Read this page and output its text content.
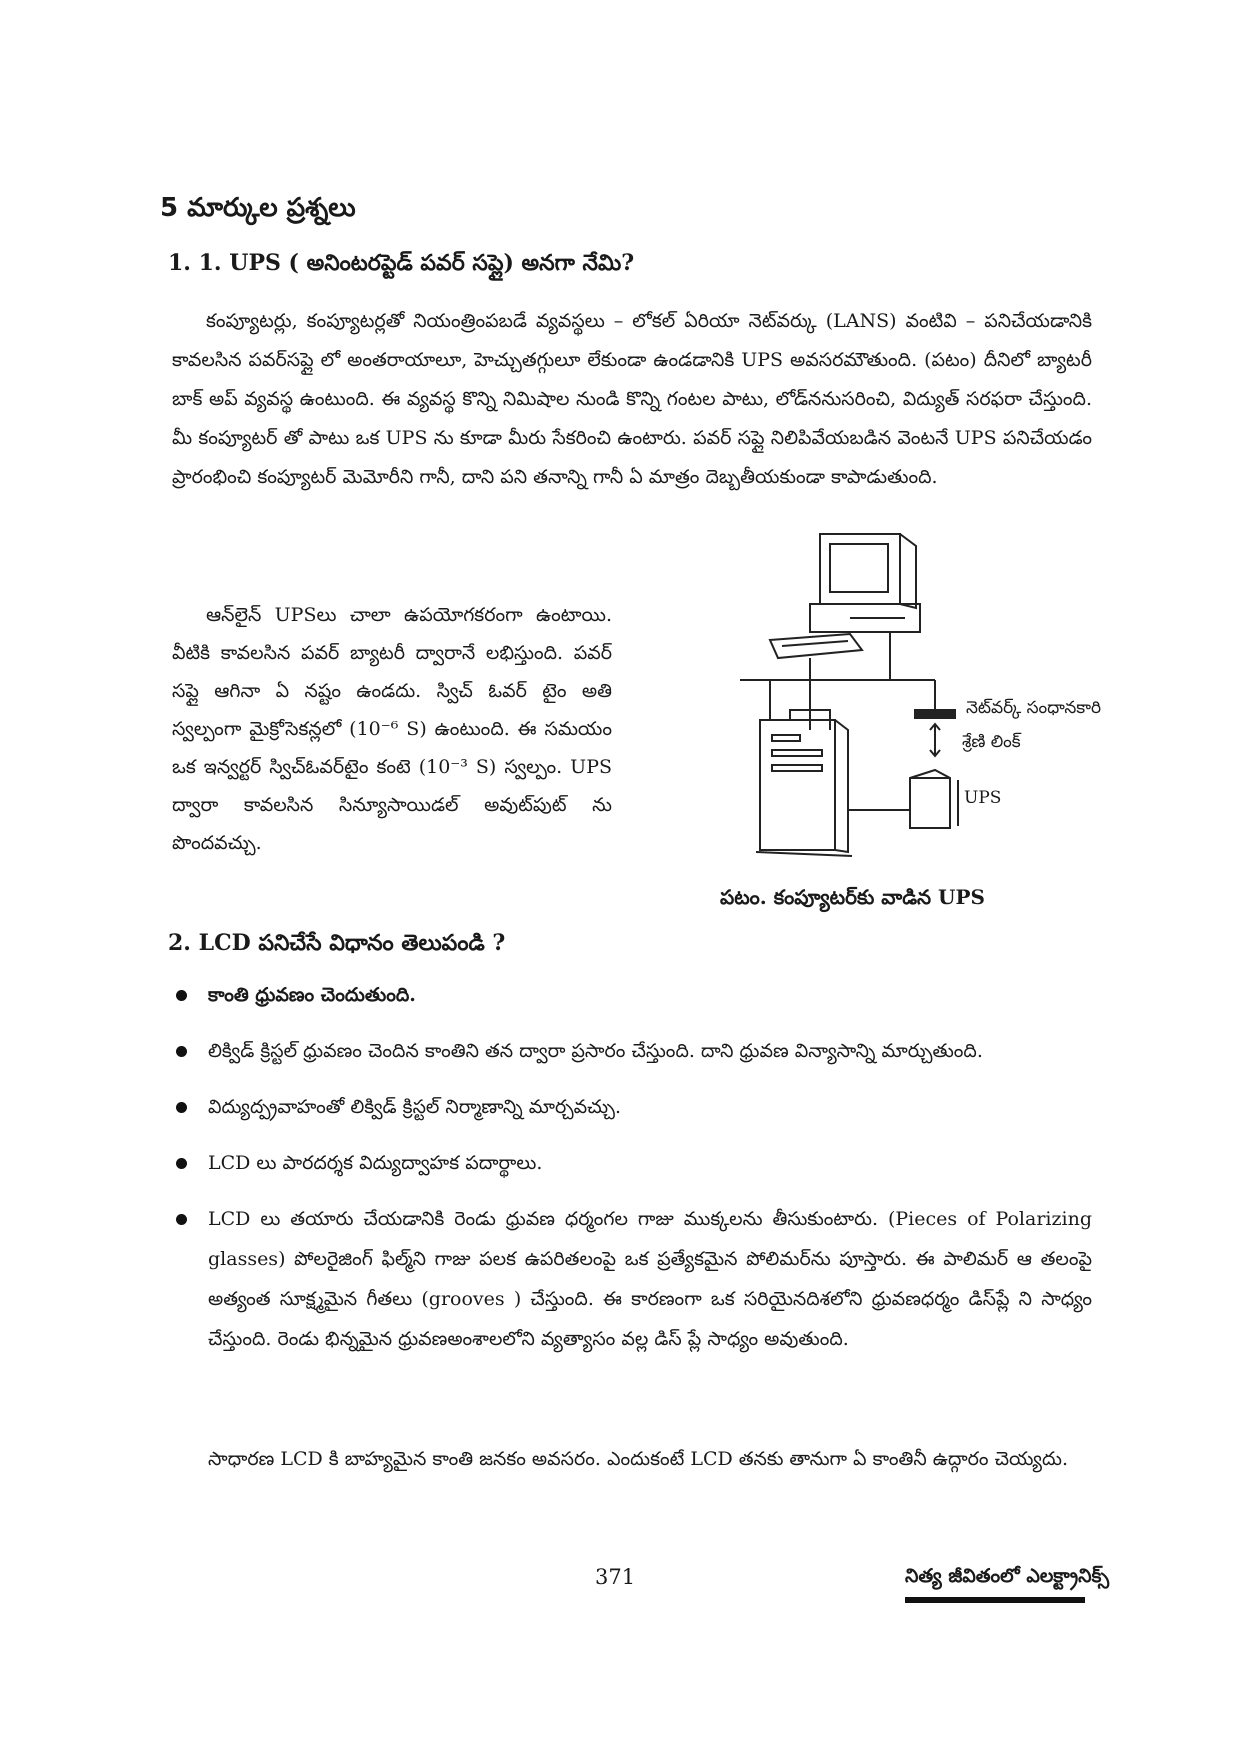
5 మార్కుల ప్రశ్నలు
1. 1. UPS ( అనింటరప్టెడ్ పవర్ సప్లై) అనగా నేమి?

కంప్యూటర్లు, కంప్యూటర్లతో నియంత్రింపబడే వ్యవస్థలు – లోకల్ ఏరియా నెట్‌వర్కు (LANS) వంటివి – పనిచేయడానికి కావలసిన పవర్‌సప్లై లో అంతరాయాలూ, హెచ్చుతగ్గులూ లేకుండా ఉండడానికి UPS అవసరమౌతుంది. (పటం) దీనిలో బ్యాటరీ బాక్ అప్ వ్యవస్థ ఉంటుంది. ఈ వ్యవస్థ కొన్ని నిమిషాల నుండి కొన్ని గంటల పాటు, లోడ్‌ననుసరించి, విద్యుత్ సరఫరా చేస్తుంది. మీ కంప్యూటర్ తో పాటు ఒక UPS ను కూడా మీరు సేకరించి ఉంటారు. పవర్ సప్లై నిలిపివేయబడిన వెంటనే UPS పనిచేయడం ప్రారంభించి కంప్యూటర్ మెమోరీని గానీ, దాని పని తనాన్ని గానీ ఏ మాత్రం దెబ్బతీయకుండా కాపాడుతుంది.

ఆన్‌లైన్ UPSలు చాలా ఉపయోగకరంగా ఉంటాయి. వీటికి కావలసిన పవర్ బ్యాటరీ ద్వారానే లభిస్తుంది. పవర్ సప్లై ఆగినా ఏ నష్టం ఉండదు. స్విచ్ ఓవర్ టైం అతి స్వల్పంగా మైక్రోసెకన్లలో (10⁻⁶ S) ఉంటుంది. ఈ సమయం ఒక ఇన్వర్టర్ స్విచ్‌ఓవర్‌టైం కంటె (10⁻³ S) స్వల్పం. UPS ద్వారా కావలసిన సిన్యూసాయిడల్ అవుట్‌పుట్ ను పొందవచ్చు.

నెట్‌వర్క్ సంధానకారి
శ్రేణి లింక్
UPS
పటం. కంప్యూటర్‌కు వాడిన UPS
2. LCD పనిచేసే విధానం తెలుపండి ?
కాంతి ధ్రువణం చెందుతుంది.
లిక్విడ్ క్రిస్టల్ ధ్రువణం చెందిన కాంతిని తన ద్వారా ప్రసారం చేస్తుంది. దాని ధ్రువణ విన్యాసాన్ని మార్చుతుంది.
విద్యుద్ప్రవాహంతో లిక్విడ్ క్రిస్టల్ నిర్మాణాన్ని మార్చవచ్చు.
LCD లు పారదర్శక విద్యుద్వాహక పదార్థాలు.
LCD లు తయారు చేయడానికి రెండు ధ్రువణ ధర్మంగల గాజు ముక్కలను తీసుకుంటారు. (Pieces of Polarizing glasses) పోలరైజింగ్ ఫిల్మ్‌ని గాజు పలక ఉపరితలంపై ఒక ప్రత్యేకమైన పోలిమర్‌ను పూస్తారు. ఈ పాలిమర్ ఆ తలంపై అత్యంత సూక్ష్మమైన గీతలు (grooves ) చేస్తుంది. ఈ కారణంగా ఒక సరియైనదిశలోని ధ్రువణధర్మం డిస్‌ప్లే ని సాధ్యం చేస్తుంది. రెండు భిన్నమైన ధ్రువణఅంశాలలోని వ్యత్యాసం వల్ల డిస్ ప్లే సాధ్యం అవుతుంది.

సాధారణ LCD కి బాహ్యమైన కాంతి జనకం అవసరం. ఎందుకంటే LCD తనకు తానుగా ఏ కాంతినీ ఉద్గారం చెయ్యదు.

371	నిత్య జీవితంలో ఎలక్ట్రానిక్స్
